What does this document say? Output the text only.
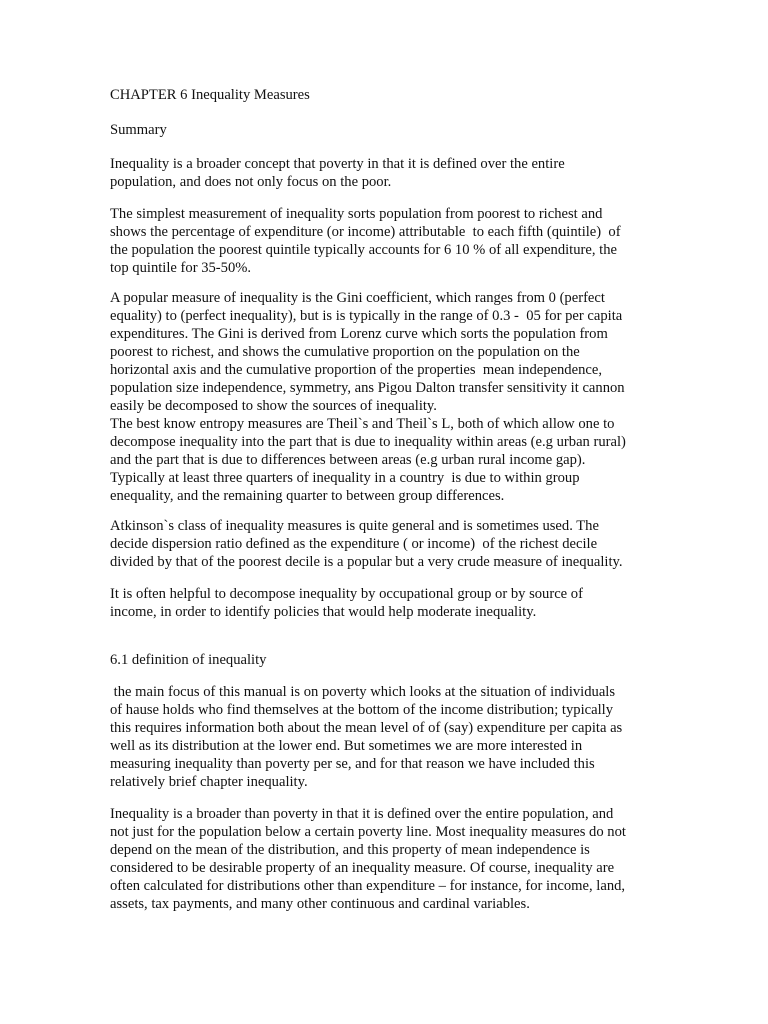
CHAPTER 6 Inequality Measures
Summary
Inequality is a broader concept that poverty in that it is defined over the entire
population, and does not only focus on the poor.
The simplest measurement of inequality sorts population from poorest to richest and
shows the percentage of expenditure (or income) attributable  to each fifth (quintile)  of
the population the poorest quintile typically accounts for 6 10 % of all expenditure, the
top quintile for 35-50%.
A popular measure of inequality is the Gini coefficient, which ranges from 0 (perfect
equality) to (perfect inequality), but is is typically in the range of 0.3 -  05 for per capita
expenditures. The Gini is derived from Lorenz curve which sorts the population from
poorest to richest, and shows the cumulative proportion on the population on the
horizontal axis and the cumulative proportion of the properties  mean independence,
population size independence, symmetry, ans Pigou Dalton transfer sensitivity it cannon
easily be decomposed to show the sources of inequality.
The best know entropy measures are Theil`s and Theil`s L, both of which allow one to
decompose inequality into the part that is due to inequality within areas (e.g urban rural)
and the part that is due to differences between areas (e.g urban rural income gap).
Typically at least three quarters of inequality in a country  is due to within group
enequality, and the remaining quarter to between group differences.
Atkinson`s class of inequality measures is quite general and is sometimes used. The
decide dispersion ratio defined as the expenditure ( or income)  of the richest decile
divided by that of the poorest decile is a popular but a very crude measure of inequality.
It is often helpful to decompose inequality by occupational group or by source of
income, in order to identify policies that would help moderate inequality.
6.1 definition of inequality
the main focus of this manual is on poverty which looks at the situation of individuals
of hause holds who find themselves at the bottom of the income distribution; typically
this requires information both about the mean level of of (say) expenditure per capita as
well as its distribution at the lower end. But sometimes we are more interested in
measuring inequality than poverty per se, and for that reason we have included this
relatively brief chapter inequality.
Inequality is a broader than poverty in that it is defined over the entire population, and
not just for the population below a certain poverty line. Most inequality measures do not
depend on the mean of the distribution, and this property of mean independence is
considered to be desirable property of an inequality measure. Of course, inequality are
often calculated for distributions other than expenditure – for instance, for income, land,
assets, tax payments, and many other continuous and cardinal variables.
